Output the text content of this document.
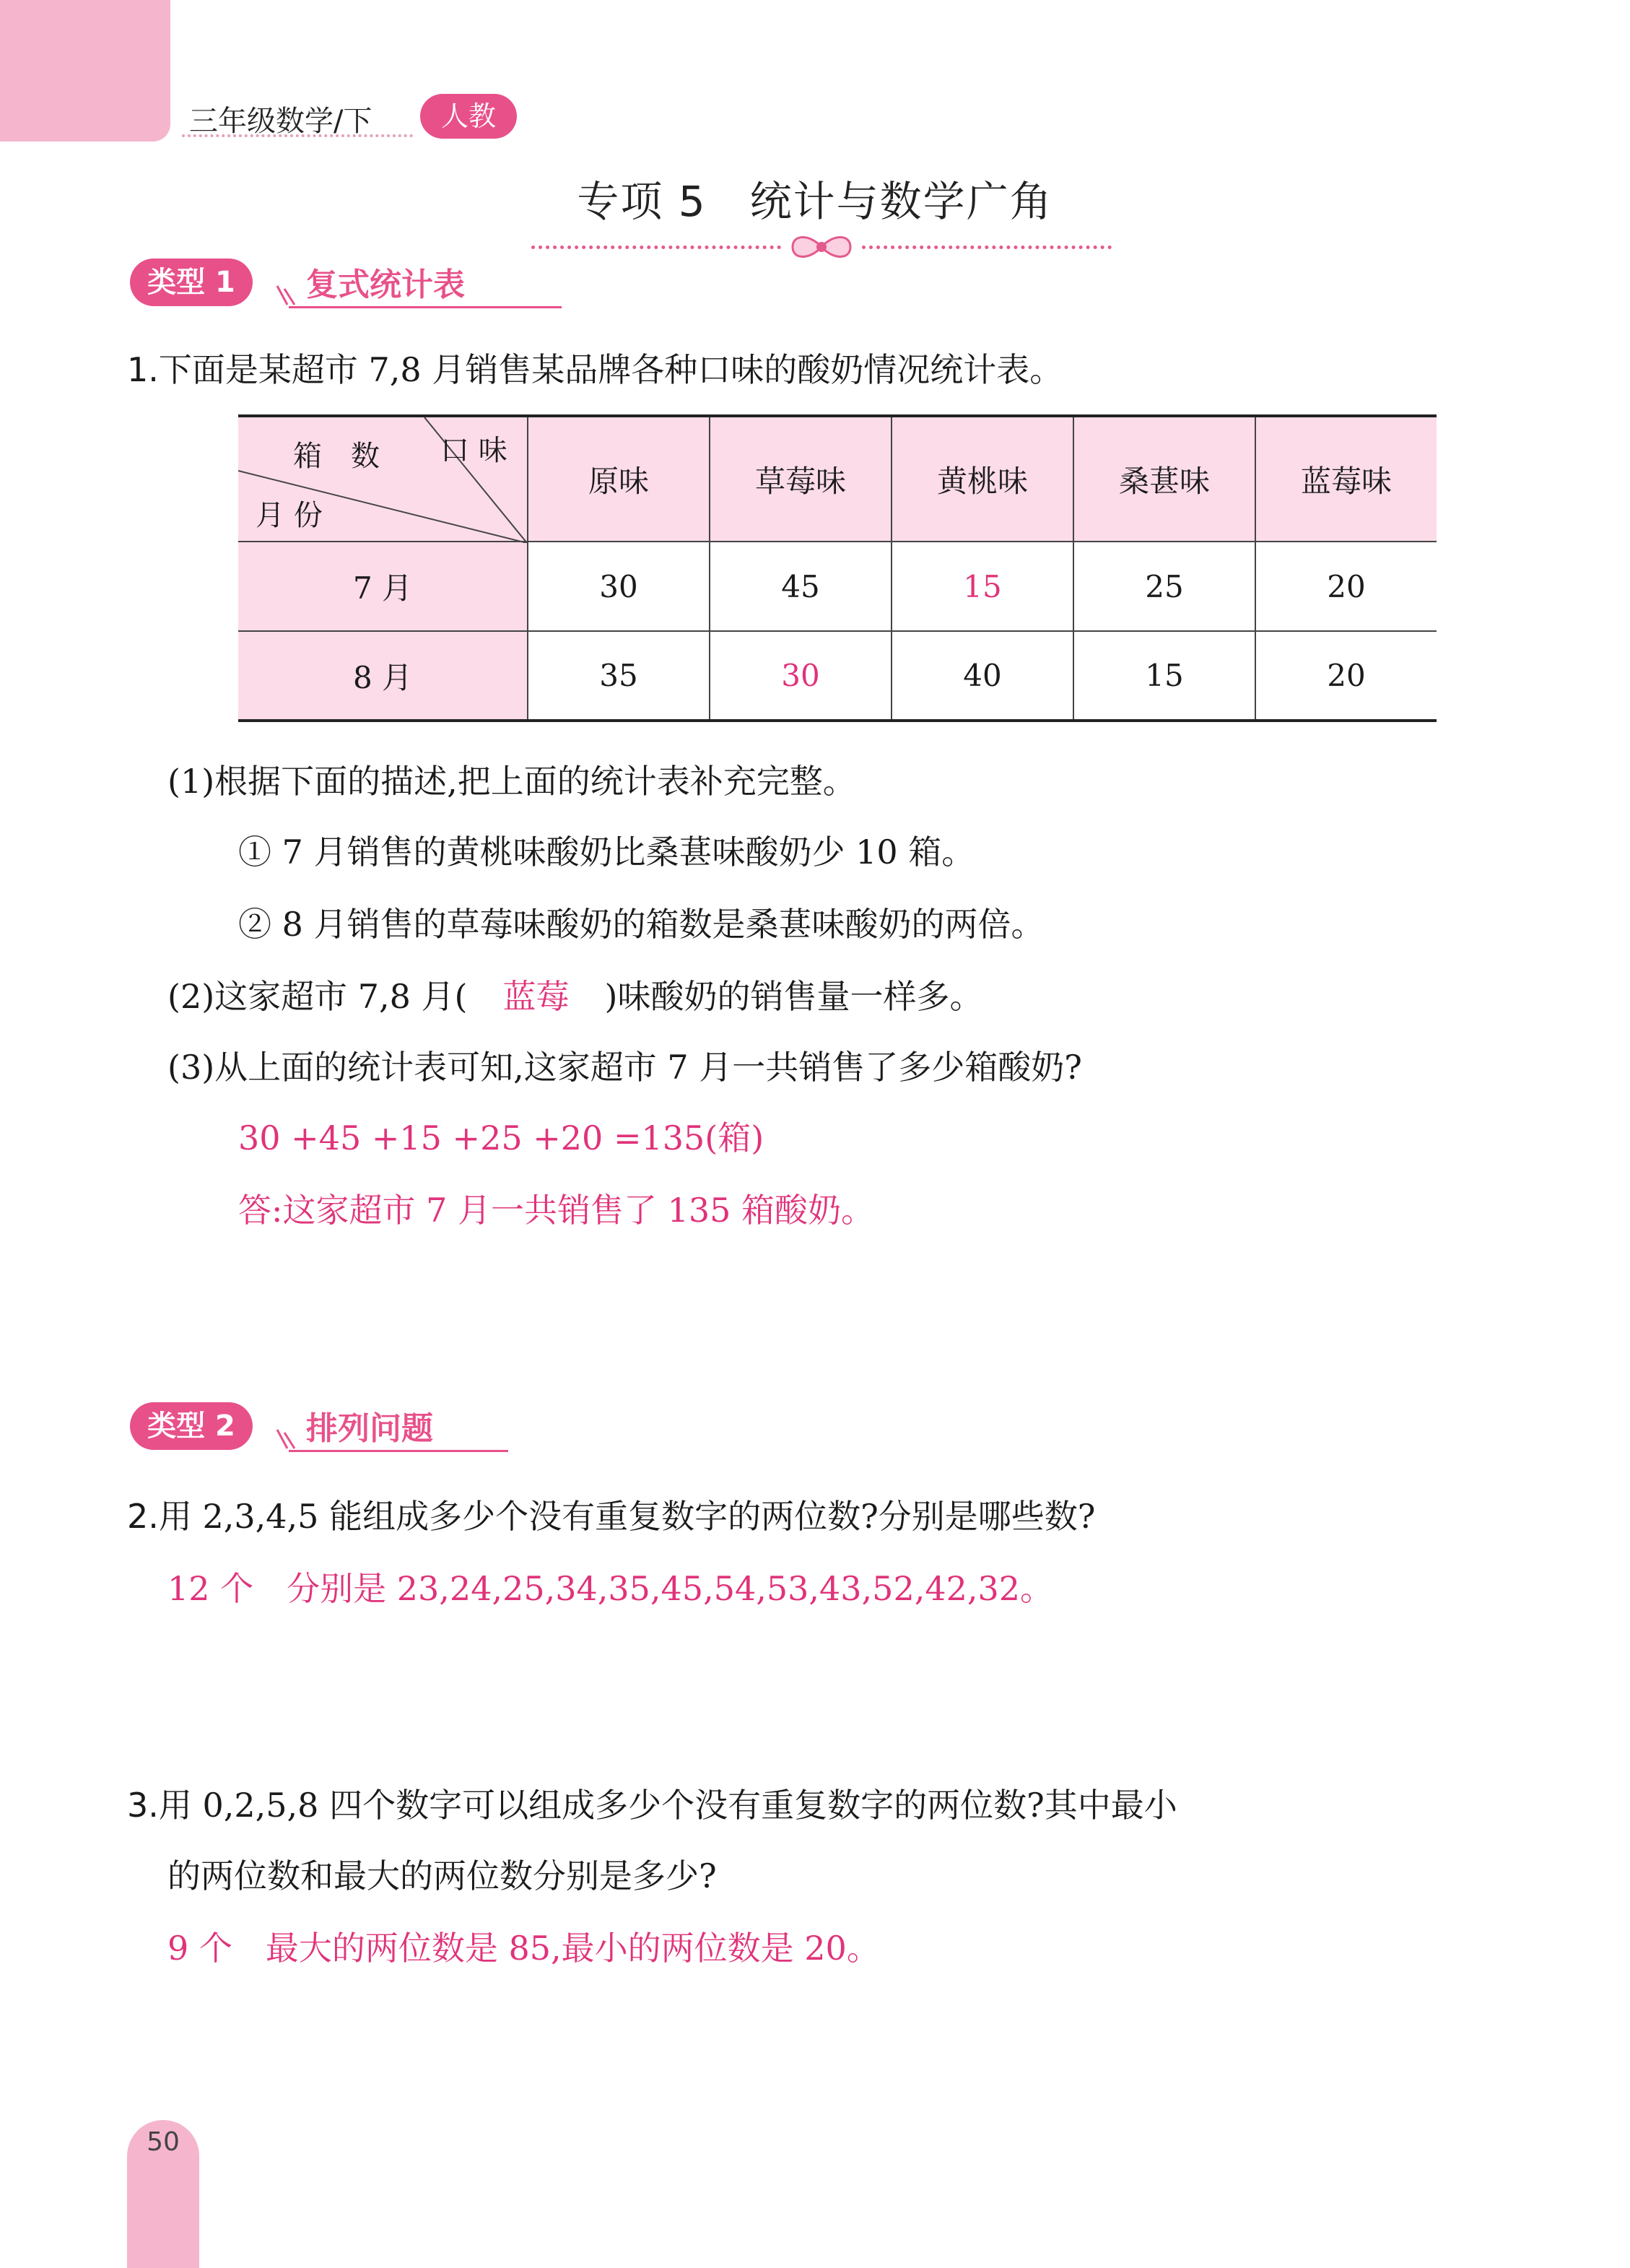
三年级数学/下	人教
专项 5　统计与数学广角
类型 1	复式统计表
1.下面是某超市 7,8 月销售某品牌各种口味的酸奶情况统计表。
口 味
箱　数
月 份	原味	草莓味	黄桃味	桑葚味	蓝莓味
7 月	30	45	15	25	20
8 月	35	30	40	15	20
(1)根据下面的描述,把上面的统计表补充完整。
① 7 月销售的黄桃味酸奶比桑葚味酸奶少 10 箱。
② 8 月销售的草莓味酸奶的箱数是桑葚味酸奶的两倍。
(2)这家超市 7,8 月( 蓝莓 )味酸奶的销售量一样多。
(3)从上面的统计表可知,这家超市 7 月一共销售了多少箱酸奶?
30 +45 +15 +25 +20 =135(箱)
答:这家超市 7 月一共销售了 135 箱酸奶。
类型 2	排列问题
2.用 2,3,4,5 能组成多少个没有重复数字的两位数?分别是哪些数?
12 个　分别是 23,24,25,34,35,45,54,53,43,52,42,32。
3.用 0,2,5,8 四个数字可以组成多少个没有重复数字的两位数?其中最小
的两位数和最大的两位数分别是多少?
9 个　最大的两位数是 85,最小的两位数是 20。
50
